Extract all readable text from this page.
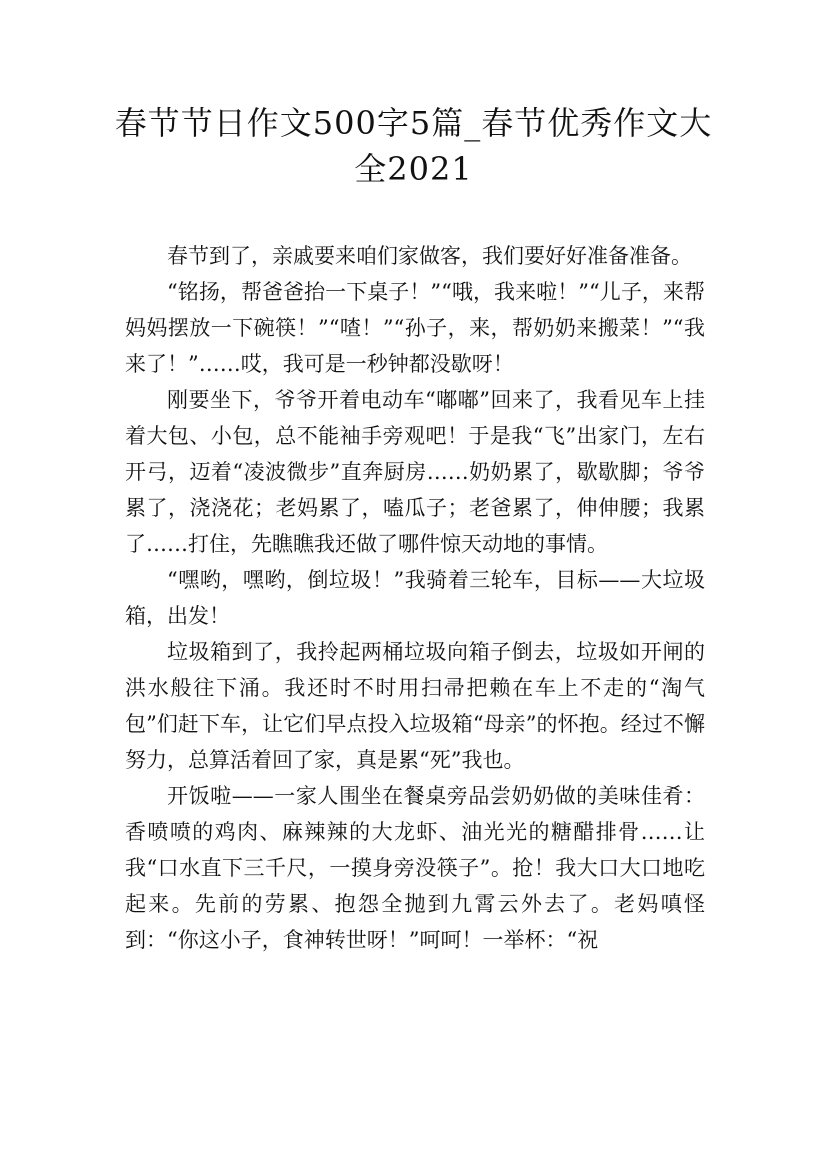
春节节日作文500字5篇_春节优秀作文大全2021

春节到了，亲戚要来咱们家做客，我们要好好准备准备。

“铭扬，帮爸爸抬一下桌子！”“哦，我来啦！”“儿子，来帮妈妈摆放一下碗筷！”“喳！”“孙子，来，帮奶奶来搬菜！”“我来了！”……哎，我可是一秒钟都没歇呀！

刚要坐下，爷爷开着电动车“嘟嘟”回来了，我看见车上挂着大包、小包，总不能袖手旁观吧！于是我“飞”出家门，左右开弓，迈着“凌波微步”直奔厨房……奶奶累了，歇歇脚；爷爷累了，浇浇花；老妈累了，嗑瓜子；老爸累了，伸伸腰；我累了……打住，先瞧瞧我还做了哪件惊天动地的事情。

“嘿哟，嘿哟，倒垃圾！”我骑着三轮车，目标——大垃圾箱，出发！

垃圾箱到了，我拎起两桶垃圾向箱子倒去，垃圾如开闸的洪水般往下涌。我还时不时用扫帚把赖在车上不走的“淘气包”们赶下车，让它们早点投入垃圾箱“母亲”的怀抱。经过不懈努力，总算活着回了家，真是累“死”我也。

开饭啦——一家人围坐在餐桌旁品尝奶奶做的美味佳肴：香喷喷的鸡肉、麻辣辣的大龙虾、油光光的糖醋排骨……让我“口水直下三千尺，一摸身旁没筷子”。抢！我大口大口地吃起来。先前的劳累、抱怨全抛到九霄云外去了。老妈嗔怪到：“你这小子，食神转世呀！”呵呵！一举杯：“祝
